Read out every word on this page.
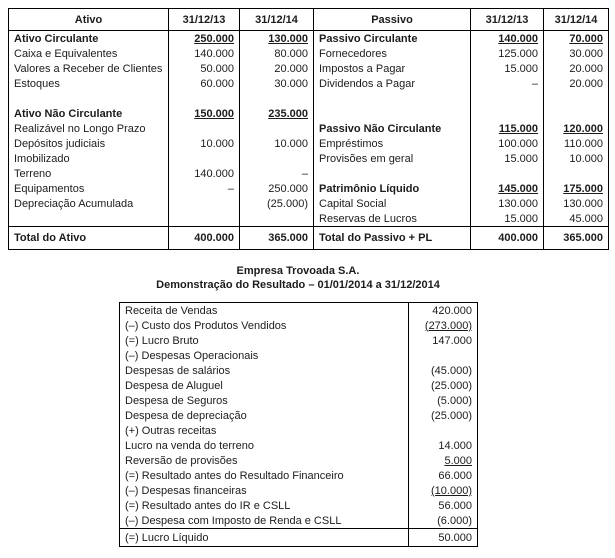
Ativo	31/12/13	31/12/14	Passivo	31/12/13	31/12/14
Ativo Circulante	250.000	130.000	Passivo Circulante	140.000	70.000
Caixa e Equivalentes	140.000	80.000	Fornecedores	125.000	30.000
Valores a Receber de Clientes	50.000	20.000	Impostos a Pagar	15.000	20.000
Estoques	60.000	30.000	Dividendos a Pagar	–	20.000

Ativo Não Circulante	150.000	235.000			
Realizável no Longo Prazo			Passivo Não Circulante	115.000	120.000
Depósitos judiciais	10.000	10.000	Empréstimos	100.000	110.000
Imobilizado			Provisões em geral	15.000	10.000
Terreno	140.000	–			
Equipamentos	–	250.000	Patrimônio Líquido	145.000	175.000
Depreciação Acumulada		(25.000)	Capital Social	130.000	130.000
			Reservas de Lucros	15.000	45.000
Total do Ativo	400.000	365.000	Total do Passivo + PL	400.000	365.000
Empresa Trovoada S.A.
Demonstração do Resultado – 01/01/2014 a 31/12/2014
Receita de Vendas	420.000
(–) Custo dos Produtos Vendidos	(273.000)
(=) Lucro Bruto	147.000
(–) Despesas Operacionais	
Despesas de salários	(45.000)
Despesa de Aluguel	(25.000)
Despesa de Seguros	(5.000)
Despesa de depreciação	(25.000)
(+) Outras receitas	
Lucro na venda do terreno	14.000
Reversão de provisões	5.000
(=) Resultado antes do Resultado Financeiro	66.000
(–) Despesas financeiras	(10.000)
(=) Resultado antes do IR e CSLL	56.000
(–) Despesa com Imposto de Renda e CSLL	(6.000)
(=) Lucro Líquido	50.000
